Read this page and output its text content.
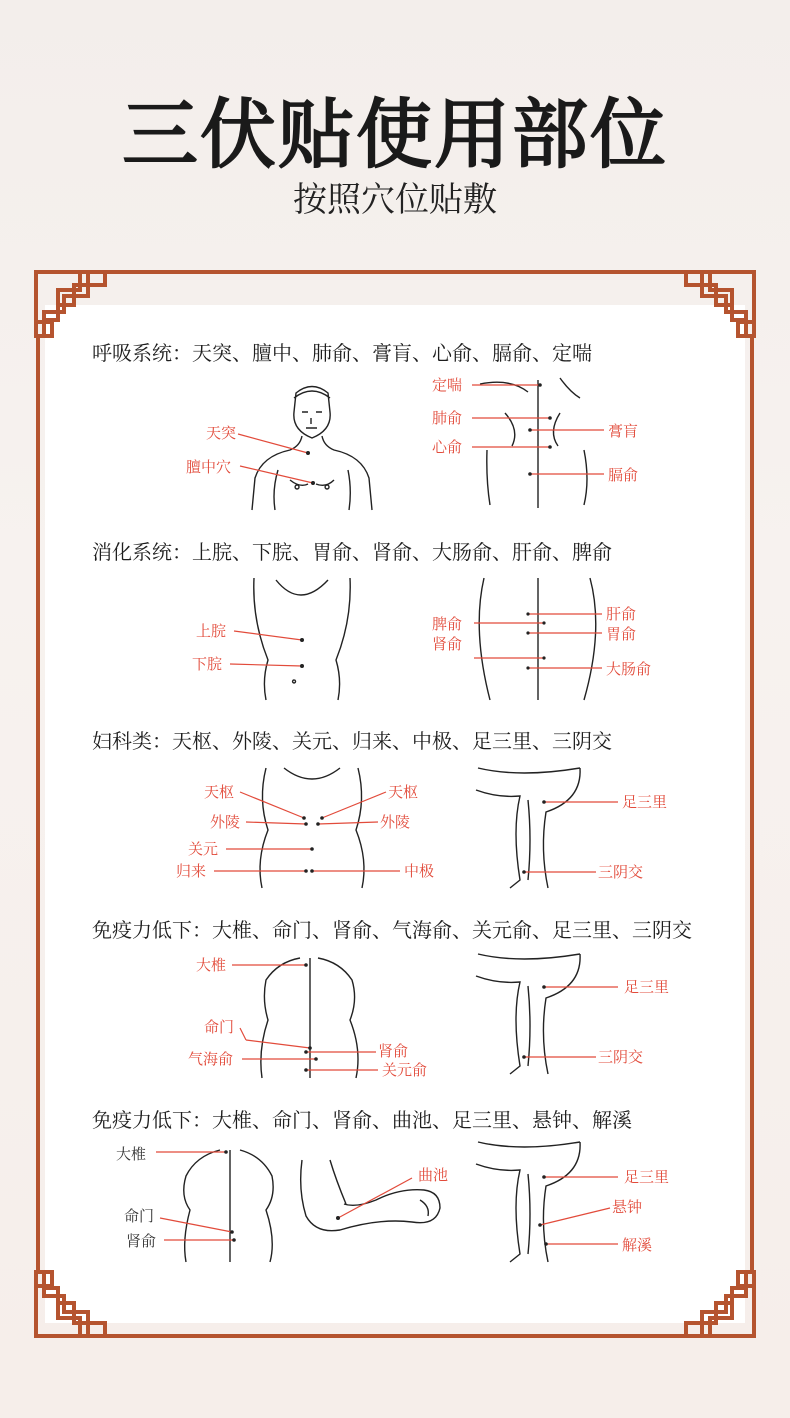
三伏贴使用部位
按照穴位贴敷
呼吸系统：天突、膻中、肺俞、膏肓、心俞、膈俞、定喘
天突
膻中穴
定喘
肺俞
心俞
膏肓
膈俞
消化系统：上脘、下脘、胃俞、肾俞、大肠俞、肝俞、脾俞
上脘
下脘
脾俞
肾俞
肝俞
胃俞
大肠俞
妇科类：天枢、外陵、关元、归来、中极、足三里、三阴交
天枢	天枢
外陵	外陵
关元
归来	中极
足三里
三阴交
免疫力低下：大椎、命门、肾俞、气海俞、关元俞、足三里、三阴交
大椎
命门
气海俞	肾俞
关元俞
足三里
三阴交
免疫力低下：大椎、命门、肾俞、曲池、足三里、悬钟、解溪
大椎
命门
肾俞
曲池	足三里
悬钟
解溪
